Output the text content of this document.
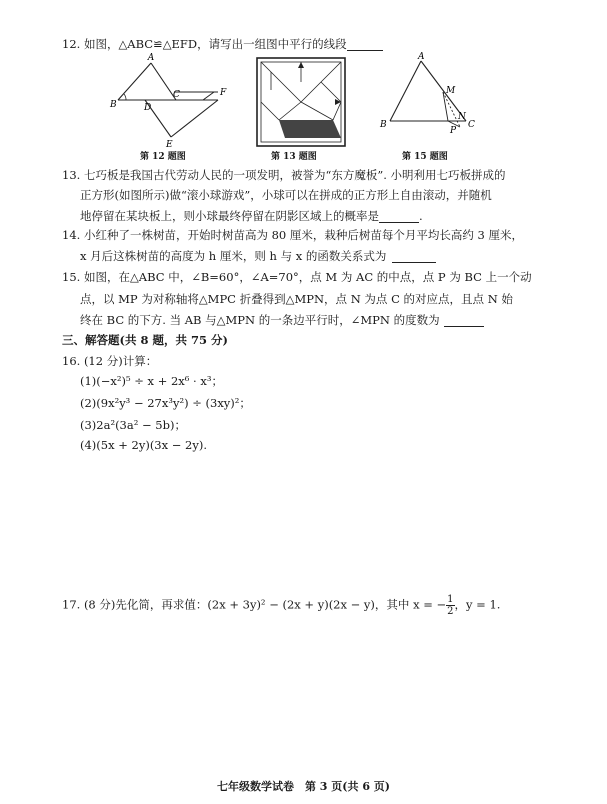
12. 如图，△ABC≌△EFD，请写出一组图中平行的线段
A
B
C
D
E
F
第 12 题图	第 13 题图
A
B	C
M
N
P
第 15 题图
13. 七巧板是我国古代劳动人民的一项发明，被誉为“东方魔板”. 小明利用七巧板拼成的
正方形(如图所示)做“滚小球游戏”，小球可以在拼成的正方形上自由滚动，并随机
地停留在某块板上，则小球最终停留在阴影区域上的概率是	.
14. 小红种了一株树苗，开始时树苗高为 80 厘米，栽种后树苗每个月平均长高约 3 厘米，
x 月后这株树苗的高度为 h 厘米，则 h 与 x 的函数关系式为
15. 如图，在△ABC 中，∠B=60°，∠A=70°，点 M 为 AC 的中点，点 P 为 BC 上一个动
点，以 MP 为对称轴将△MPC 折叠得到△MPN，点 N 为点 C 的对应点，且点 N 始
终在 BC 的下方. 当 AB 与△MPN 的一条边平行时，∠MPN 的度数为
三、解答题(共 8 题，共 75 分)
16. (12 分)计算：
(1)(−x²)⁵ ÷ x + 2x⁶ · x³；
(2)(9x²y³ − 27x³y²) ÷ (3xy)²；
(3)2a²(3a² − 5b)；
(4)(5x + 2y)(3x − 2y).
17. (8 分)先化简，再求值：(2x + 3y)² − (2x + y)(2x − y)，其中 x = − $\frac{1}{2}$ ，y = 1.
七年级数学试卷　第 3 页(共 6 页)
